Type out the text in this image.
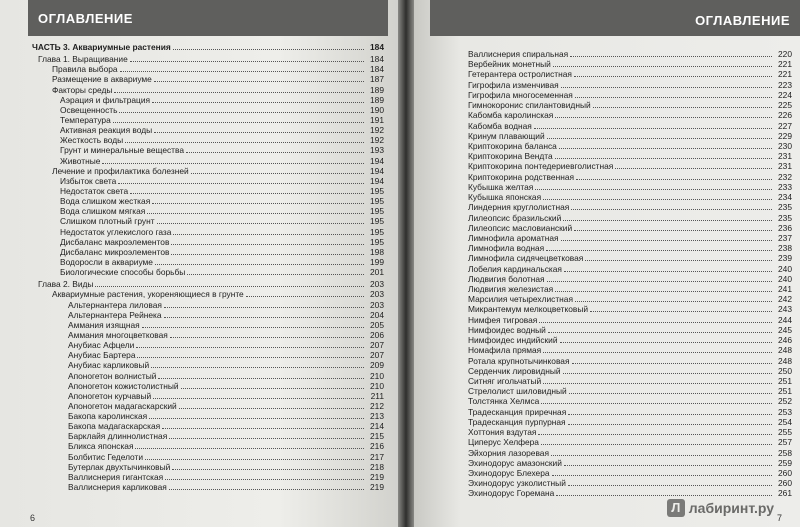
ОГЛАВЛЕНИЕ
ЧАСТЬ 3. Аквариумные растения	184
Глава 1. Выращивание	184
Правила выбора	184
Размещение в аквариуме	187
Факторы среды	189
Аэрация и фильтрация	189
Освещенность	190
Температура	191
Активная реакция воды	192
Жесткость воды	192
Грунт и минеральные вещества	193
Животные	194
Лечение и профилактика болезней	194
Избыток света	194
Недостаток света	195
Вода слишком жесткая	195
Вода слишком мягкая	195
Слишком плотный грунт	195
Недостаток углекислого газа	195
Дисбаланс макроэлементов	195
Дисбаланс микроэлементов	198
Водоросли в аквариуме	199
Биологические способы борьбы	201
Глава 2. Виды	203
Аквариумные растения, укореняющиеся в грунте	203
Альтернантера лиловая	203
Альтернантера Рейнека	204
Аммания изящная	205
Аммания многоцветковая	206
Анубиас Афцели	207
Анубиас Бартера	207
Анубиас карликовый	209
Апоногетон волнистый	210
Апоногетон кожистолистный	210
Апоногетон курчавый	211
Апоногетон мадагаскарский	212
Бакопа каролинская	213
Бакопа мадагаскарская	214
Барклайя длиннолистная	215
Бликса японская	216
Болбитис Геделоти	217
Бутерлак двухтычинковый	218
Валлиснерия гигантская	219
Валлиснерия карликовая	219
6
ОГЛАВЛЕНИЕ
Валлиснерия спиральная	220
Вербейник монетный	221
Гетерантера остролистная	221
Гигрофила изменчивая	223
Гигрофила многосеменная	224
Гимнокоронис спилантовидный	225
Кабомба каролинская	226
Кабомба водная	227
Кринум плавающий	229
Криптокорина баланса	230
Криптокорина Вендта	231
Криптокорина понтедериевголистная	231
Криптокорина родственная	232
Кубышка желтая	233
Кубышка японская	234
Линдерния круглолистная	235
Лилеопсис бразильский	235
Лилеопсис масловианский	236
Лимнофила ароматная	237
Лимнофила водная	238
Лимнофила сидячецветковая	239
Лобелия кардинальская	240
Людвигия болотная	240
Людвигия железистая	241
Марсилия четырехлистная	242
Микрантемум мелкоцветковый	243
Нимфея тигровая	244
Нимфоидес водный	245
Нимфоидес индийский	246
Номафила прямая	248
Ротала крупнотычинковая	248
Серденчик лировидный	250
Ситняг игольчатый	251
Стрелолист шиловидный	251
Толстянка Хелмса	252
Традесканция приречная	253
Традесканция пурпурная	254
Хоттония вздутая	255
Циперус Хелфера	257
Эйхорния лазоревая	258
Эхинодорус амазонский	259
Эхинодорус Блехера	260
Эхинодорус узколистный	260
Эхинодорус Горемана	261
Л лабиринт.ру
7
